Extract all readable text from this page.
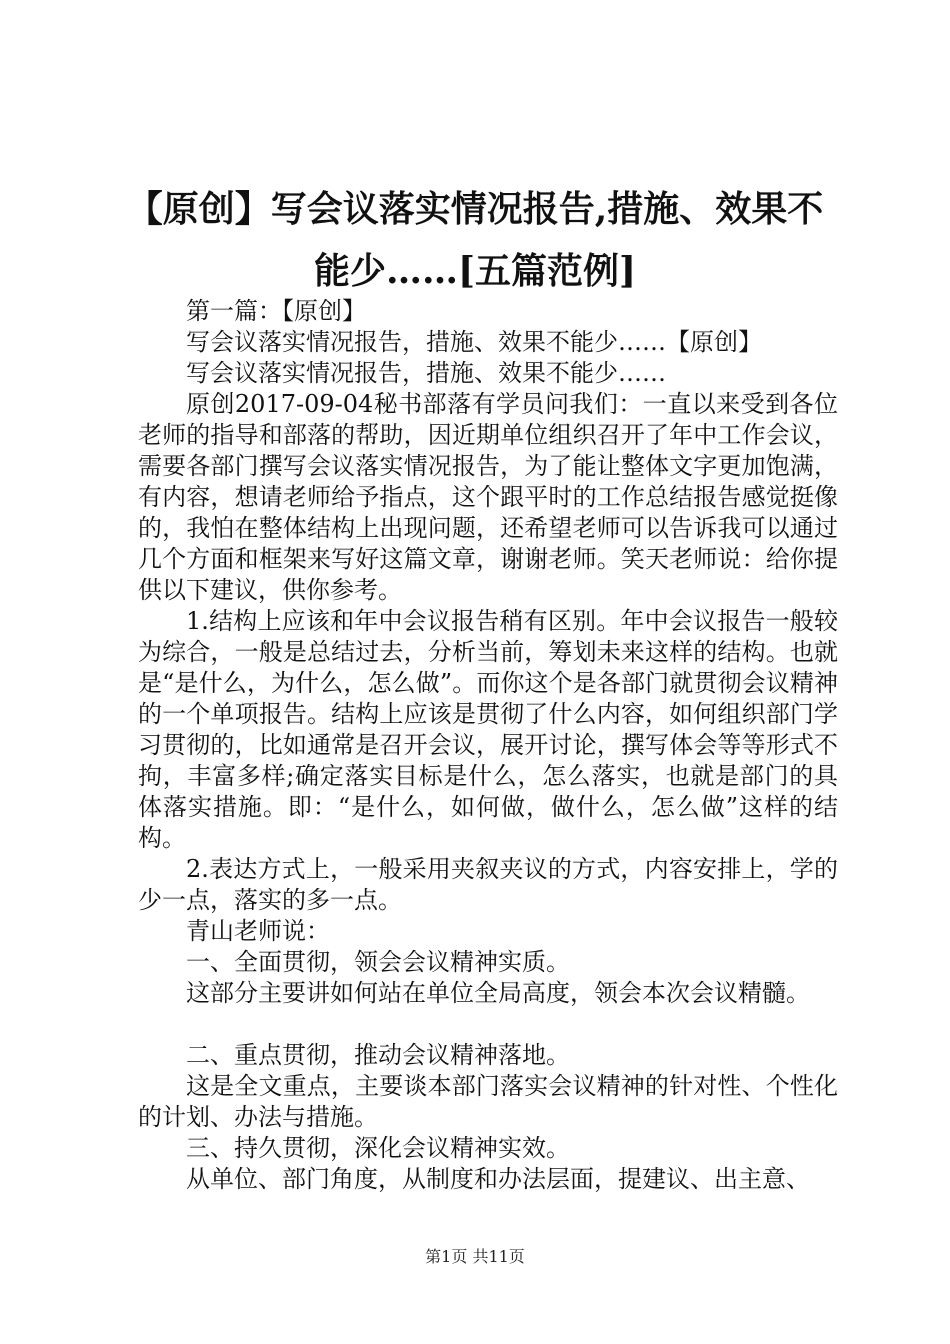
【原创】写会议落实情况报告,措施、效果不能少……[五篇范例]

第一篇：【原创】

写会议落实情况报告，措施、效果不能少……【原创】

写会议落实情况报告，措施、效果不能少……

原创2017-09-04秘书部落有学员问我们：一直以来受到各位老师的指导和部落的帮助，因近期单位组织召开了年中工作会议，需要各部门撰写会议落实情况报告，为了能让整体文字更加饱满，有内容，想请老师给予指点，这个跟平时的工作总结报告感觉挺像的，我怕在整体结构上出现问题，还希望老师可以告诉我可以通过几个方面和框架来写好这篇文章，谢谢老师。笑天老师说：给你提供以下建议，供你参考。

1.结构上应该和年中会议报告稍有区别。年中会议报告一般较为综合，一般是总结过去，分析当前，筹划未来这样的结构。也就是“是什么，为什么，怎么做”。而你这个是各部门就贯彻会议精神的一个单项报告。结构上应该是贯彻了什么内容，如何组织部门学习贯彻的，比如通常是召开会议，展开讨论，撰写体会等等形式不拘，丰富多样;确定落实目标是什么，怎么落实，也就是部门的具体落实措施。即：“是什么，如何做，做什么，怎么做”这样的结构。

2.表达方式上，一般采用夹叙夹议的方式，内容安排上，学的少一点，落实的多一点。

青山老师说：

一、全面贯彻，领会会议精神实质。

这部分主要讲如何站在单位全局高度，领会本次会议精髓。

二、重点贯彻，推动会议精神落地。

这是全文重点，主要谈本部门落实会议精神的针对性、个性化的计划、办法与措施。

三、持久贯彻，深化会议精神实效。

从单位、部门角度，从制度和办法层面，提建议、出主意、

第1页 共11页
